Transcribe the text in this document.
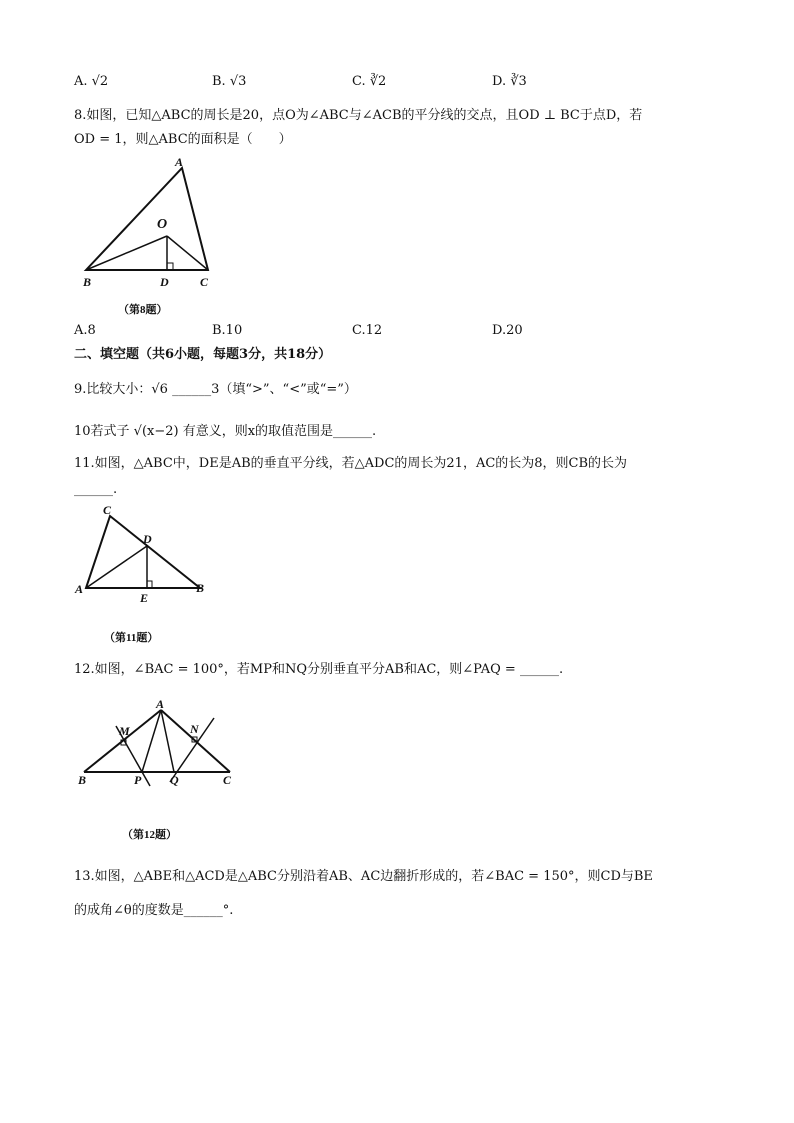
A. √2	B. √3	C. ∛2	D. ∛3
8.如图，已知△ABC的周长是20，点O为∠ABC与∠ACB的平分线的交点，且OD ⊥ BC于点D，若
OD = 1，则△ABC的面积是（　　）
A
O
B	D	C
（第8题）
A.8	B.10	C.12	D.20
二、填空题（共6小题，每题3分，共18分）
9.比较大小：√6 ______3（填“>”、“<”或“=”）
10若式子 √(x−2) 有意义，则x的取值范围是______.
11.如图，△ABC中，DE是AB的垂直平分线，若△ADC的周长为21，AC的长为8，则CB的长为
______.
C
D
A
E
B
（第11题）
12.如图，∠BAC = 100°，若MP和NQ分别垂直平分AB和AC，则∠PAQ = ______.
A
M	N
B	P Q	C
（第12题）
13.如图，△ABE和△ACD是△ABC分别沿着AB、AC边翻折形成的，若∠BAC = 150°，则CD与BE
的成角∠θ的度数是______°.
